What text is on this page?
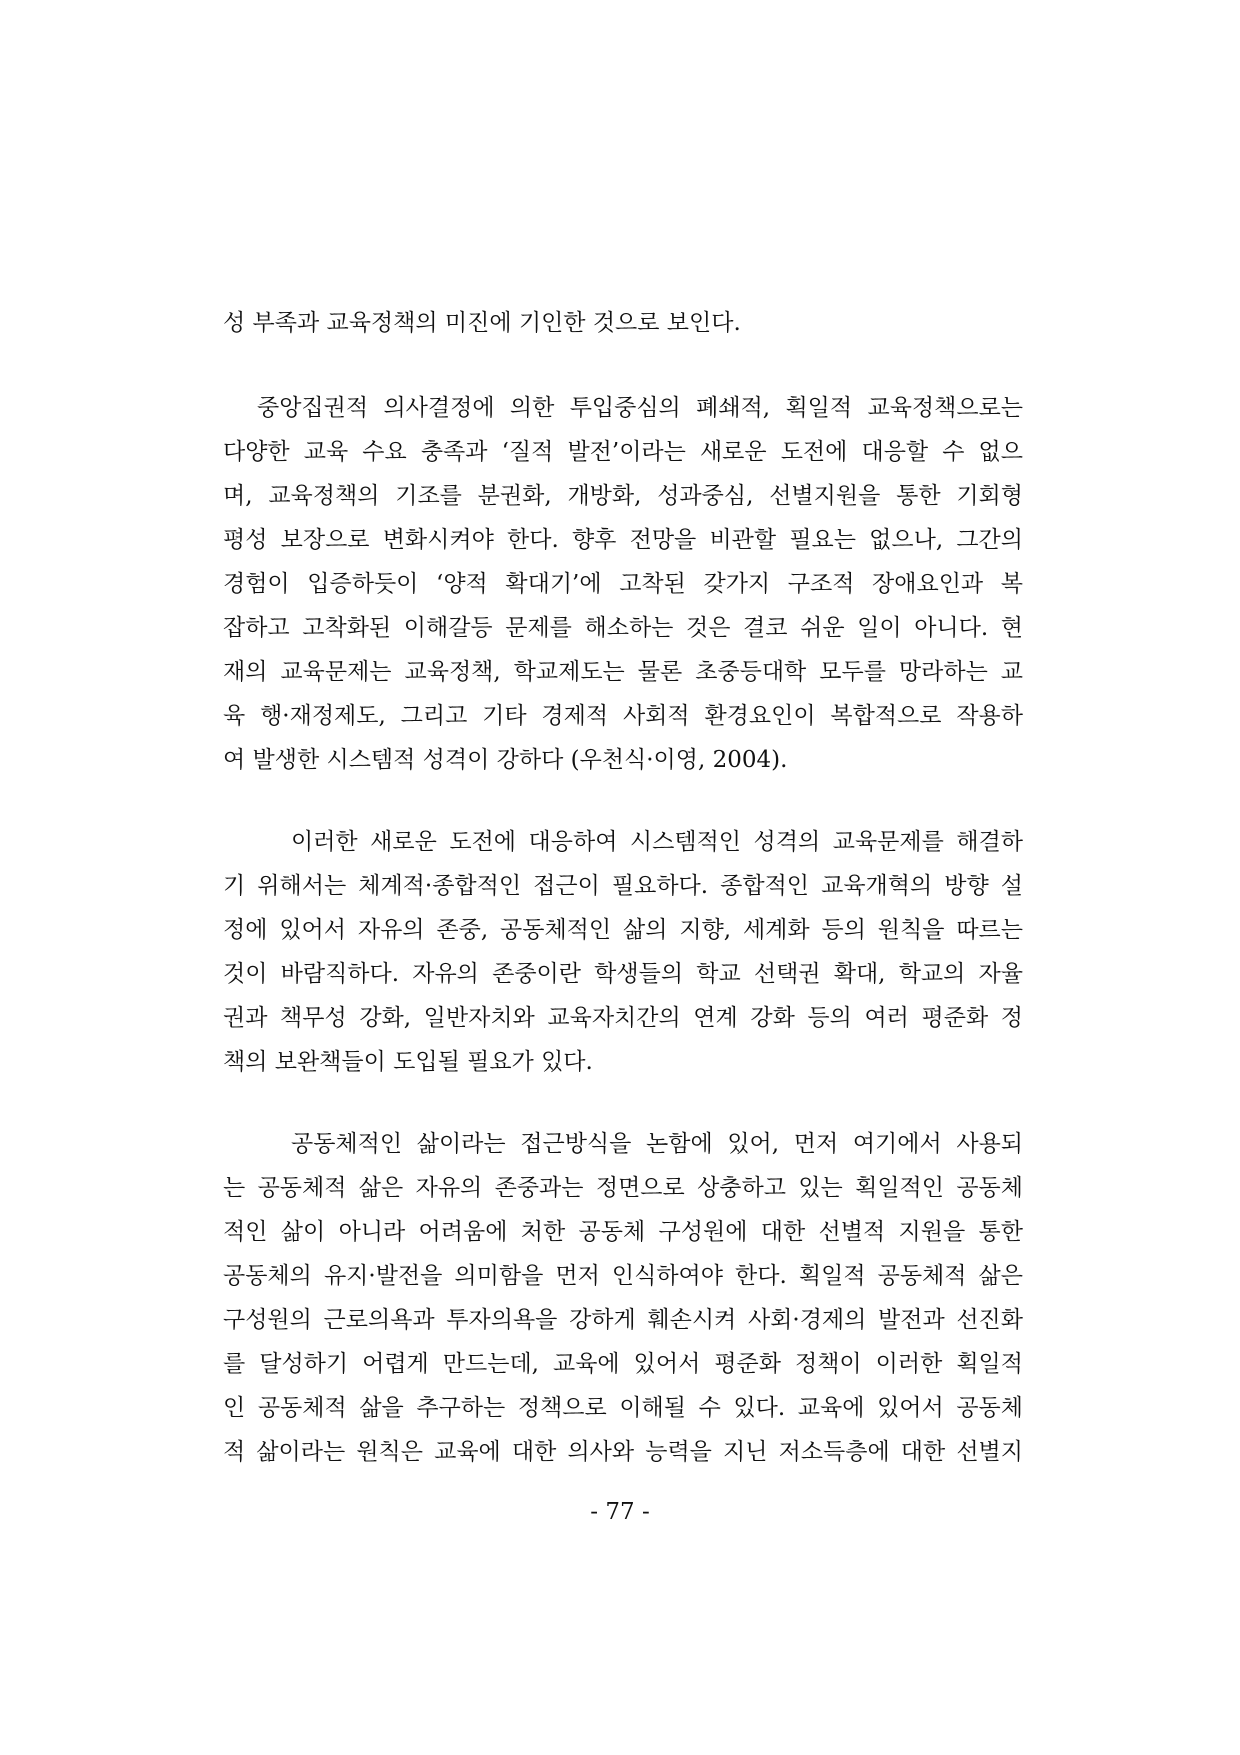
성 부족과 교육정책의 미진에 기인한 것으로 보인다.

중앙집권적 의사결정에 의한 투입중심의 폐쇄적, 획일적 교육정책으로는

다양한 교육 수요 충족과 ‘질적 발전’이라는 새로운 도전에 대응할 수 없으

며, 교육정책의 기조를 분권화, 개방화, 성과중심, 선별지원을 통한 기회형

평성 보장으로 변화시켜야 한다. 향후 전망을 비관할 필요는 없으나, 그간의

경험이 입증하듯이 ‘양적 확대기’에 고착된 갖가지 구조적 장애요인과 복

잡하고 고착화된 이해갈등 문제를 해소하는 것은 결코 쉬운 일이 아니다. 현

재의 교육문제는 교육정책, 학교제도는 물론 초중등대학 모두를 망라하는 교

육 행·재정제도, 그리고 기타 경제적 사회적 환경요인이 복합적으로 작용하

여 발생한 시스템적 성격이 강하다 (우천식·이영, 2004).

이러한 새로운 도전에 대응하여 시스템적인 성격의 교육문제를 해결하

기 위해서는 체계적·종합적인 접근이 필요하다. 종합적인 교육개혁의 방향 설

정에 있어서 자유의 존중, 공동체적인 삶의 지향, 세계화 등의 원칙을 따르는

것이 바람직하다. 자유의 존중이란 학생들의 학교 선택권 확대, 학교의 자율

권과 책무성 강화, 일반자치와 교육자치간의 연계 강화 등의 여러 평준화 정

책의 보완책들이 도입될 필요가 있다.

공동체적인 삶이라는 접근방식을 논함에 있어, 먼저 여기에서 사용되

는 공동체적 삶은 자유의 존중과는 정면으로 상충하고 있는 획일적인 공동체

적인 삶이 아니라 어려움에 처한 공동체 구성원에 대한 선별적 지원을 통한

공동체의 유지·발전을 의미함을 먼저 인식하여야 한다. 획일적 공동체적 삶은

구성원의 근로의욕과 투자의욕을 강하게 훼손시켜 사회·경제의 발전과 선진화

를 달성하기 어렵게 만드는데, 교육에 있어서 평준화 정책이 이러한 획일적

인 공동체적 삶을 추구하는 정책으로 이해될 수 있다. 교육에 있어서 공동체

적 삶이라는 원칙은 교육에 대한 의사와 능력을 지닌 저소득층에 대한 선별지

- 77 -
